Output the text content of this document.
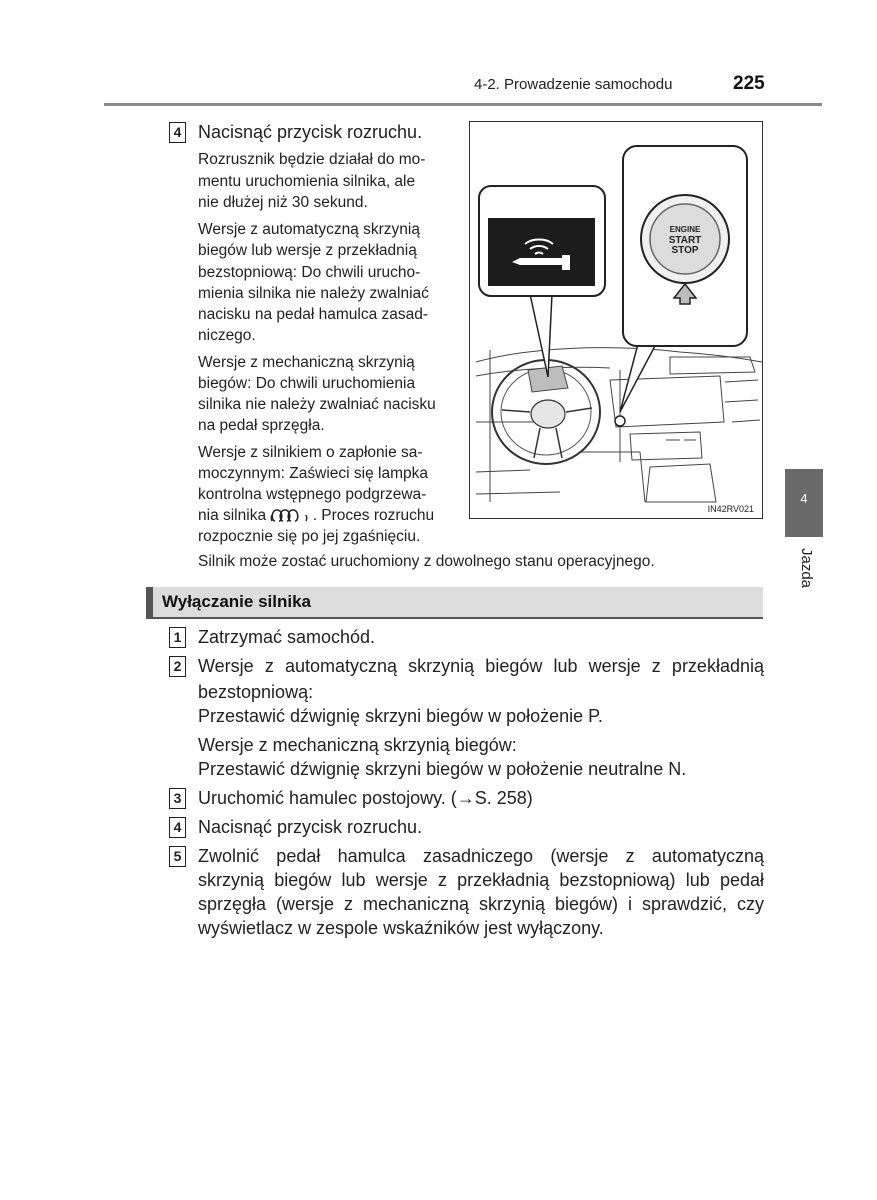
4-2. Prowadzenie samochodu	225
4
Jazda
4 Nacisnąć przycisk rozruchu.
Rozrusznik będzie działał do mo-
mentu uruchomienia silnika, ale
nie dłużej niż 30 sekund.
Wersje z automatyczną skrzynią
biegów lub wersje z przekładnią
bezstopniową: Do chwili urucho-
mienia silnika nie należy zwalniać
nacisku na pedał hamulca zasad-
niczego.
Wersje z mechaniczną skrzynią
biegów: Do chwili uruchomienia
silnika nie należy zwalniać nacisku
na pedał sprzęgła.
Wersje z silnikiem o zapłonie sa-
moczynnym: Zaświeci się lampka
kontrolna wstępnego podgrzewa-
nia silnika	. Proces rozruchu
rozpocznie się po jej zgaśnięciu.
Silnik może zostać uruchomiony z dowolnego stanu operacyjnego.
ENGINE
START
STOP
IN42RV021
Wyłączanie silnika
1 Zatrzymać samochód.
2 Wersje z automatyczną skrzynią biegów lub wersje z przekładnią
bezstopniową:
Przestawić dźwignię skrzyni biegów w położenie P.
Wersje z mechaniczną skrzynią biegów:
Przestawić dźwignię skrzyni biegów w położenie neutralne N.
3 Uruchomić hamulec postojowy. (→S. 258)
4 Nacisnąć przycisk rozruchu.
5 Zwolnić pedał hamulca zasadniczego (wersje z automatyczną
skrzynią biegów lub wersje z przekładnią bezstopniową) lub pedał
sprzęgła (wersje z mechaniczną skrzynią biegów) i sprawdzić, czy
wyświetlacz w zespole wskaźników jest wyłączony.
